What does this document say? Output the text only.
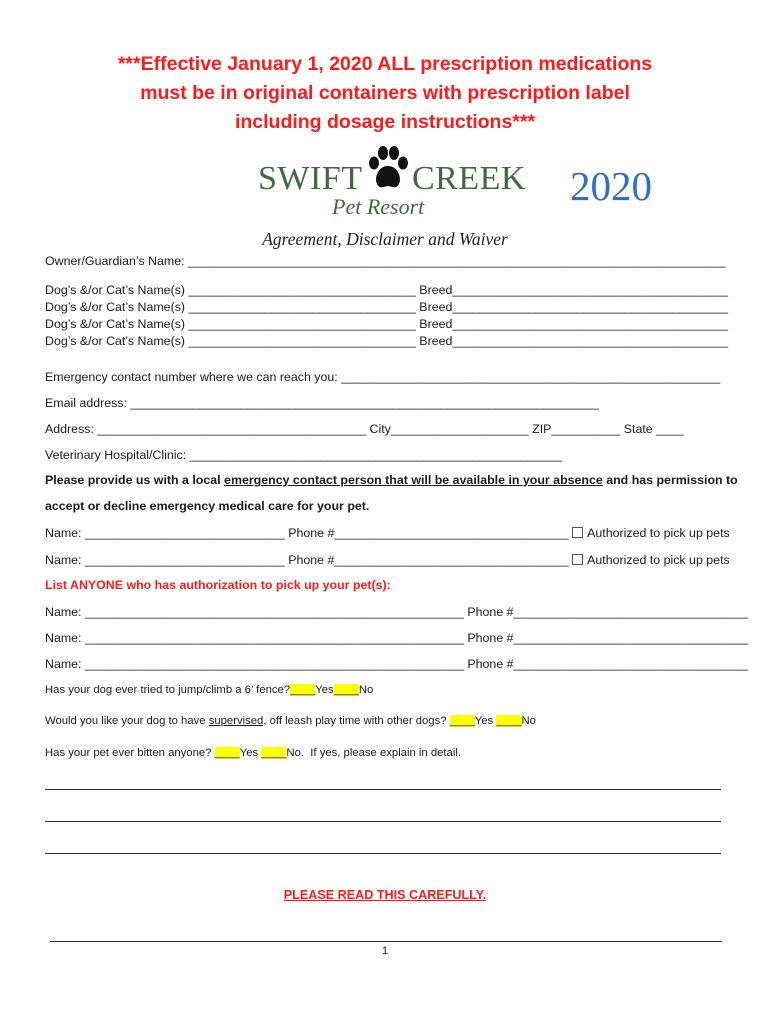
***Effective January 1, 2020 ALL prescription medications
must be in original containers with prescription label
including dosage instructions***
SWIFT CREEK
Pet Resort	2020
Agreement, Disclaimer and Waiver
Owner/Guardian’s Name: ______________________________________________________________________________
Dog’s &/or Cat’s Name(s) _________________________________ Breed________________________________________
Dog’s &/or Cat’s Name(s) _________________________________ Breed________________________________________
Dog’s &/or Cat’s Name(s) _________________________________ Breed________________________________________
Dog’s &/or Cat’s Name(s) _________________________________ Breed________________________________________
Emergency contact number where we can reach you: _______________________________________________________
Email address: ____________________________________________________________________
Address: _______________________________________ City____________________ ZIP__________ State ____
Veterinary Hospital/Clinic: ______________________________________________________
Please provide us with a local emergency contact person that will be available in your absence and has permission to
accept or decline emergency medical care for your pet.
Name: _____________________________ Phone #__________________________________ Authorized to pick up pets
Name: _____________________________ Phone #__________________________________ Authorized to pick up pets
List ANYONE who has authorization to pick up your pet(s):
Name: _______________________________________________________ Phone #__________________________________
Name: _______________________________________________________ Phone #__________________________________
Name: _______________________________________________________ Phone #__________________________________
Has your dog ever tried to jump/climb a 6’ fence?____Yes____No
Would you like your dog to have supervised, off leash play time with other dogs? ____Yes ____No
Has your pet ever bitten anyone? ____Yes ____No.  If yes, please explain in detail.
PLEASE READ THIS CAREFULLY.
1
